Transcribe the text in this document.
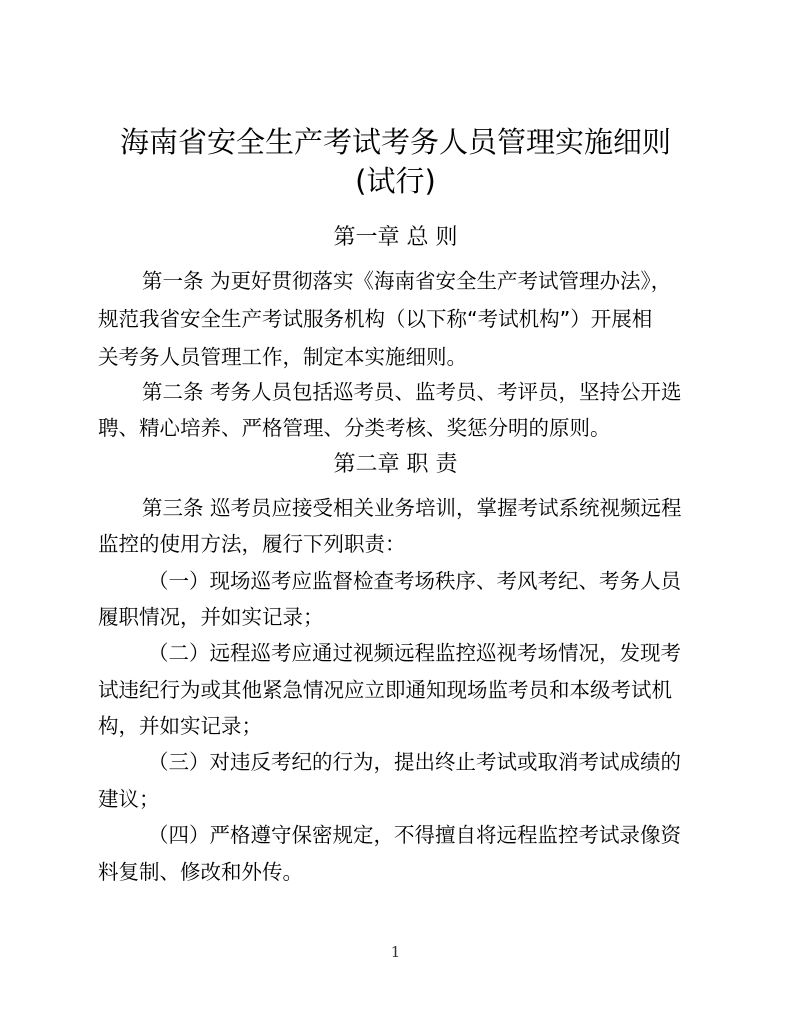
海南省安全生产考试考务人员管理实施细则
(试行)
第一章 总 则
第一条 为更好贯彻落实《海南省安全生产考试管理办法》，
规范我省安全生产考试服务机构（以下称“考试机构”）开展相
关考务人员管理工作，制定本实施细则。
第二条 考务人员包括巡考员、监考员、考评员，坚持公开选
聘、精心培养、严格管理、分类考核、奖惩分明的原则。
第二章 职 责
第三条 巡考员应接受相关业务培训，掌握考试系统视频远程
监控的使用方法，履行下列职责：
（一）现场巡考应监督检查考场秩序、考风考纪、考务人员
履职情况，并如实记录；
（二）远程巡考应通过视频远程监控巡视考场情况，发现考
试违纪行为或其他紧急情况应立即通知现场监考员和本级考试机
构，并如实记录；
（三）对违反考纪的行为，提出终止考试或取消考试成绩的
建议；
（四）严格遵守保密规定，不得擅自将远程监控考试录像资
料复制、修改和外传。
1
